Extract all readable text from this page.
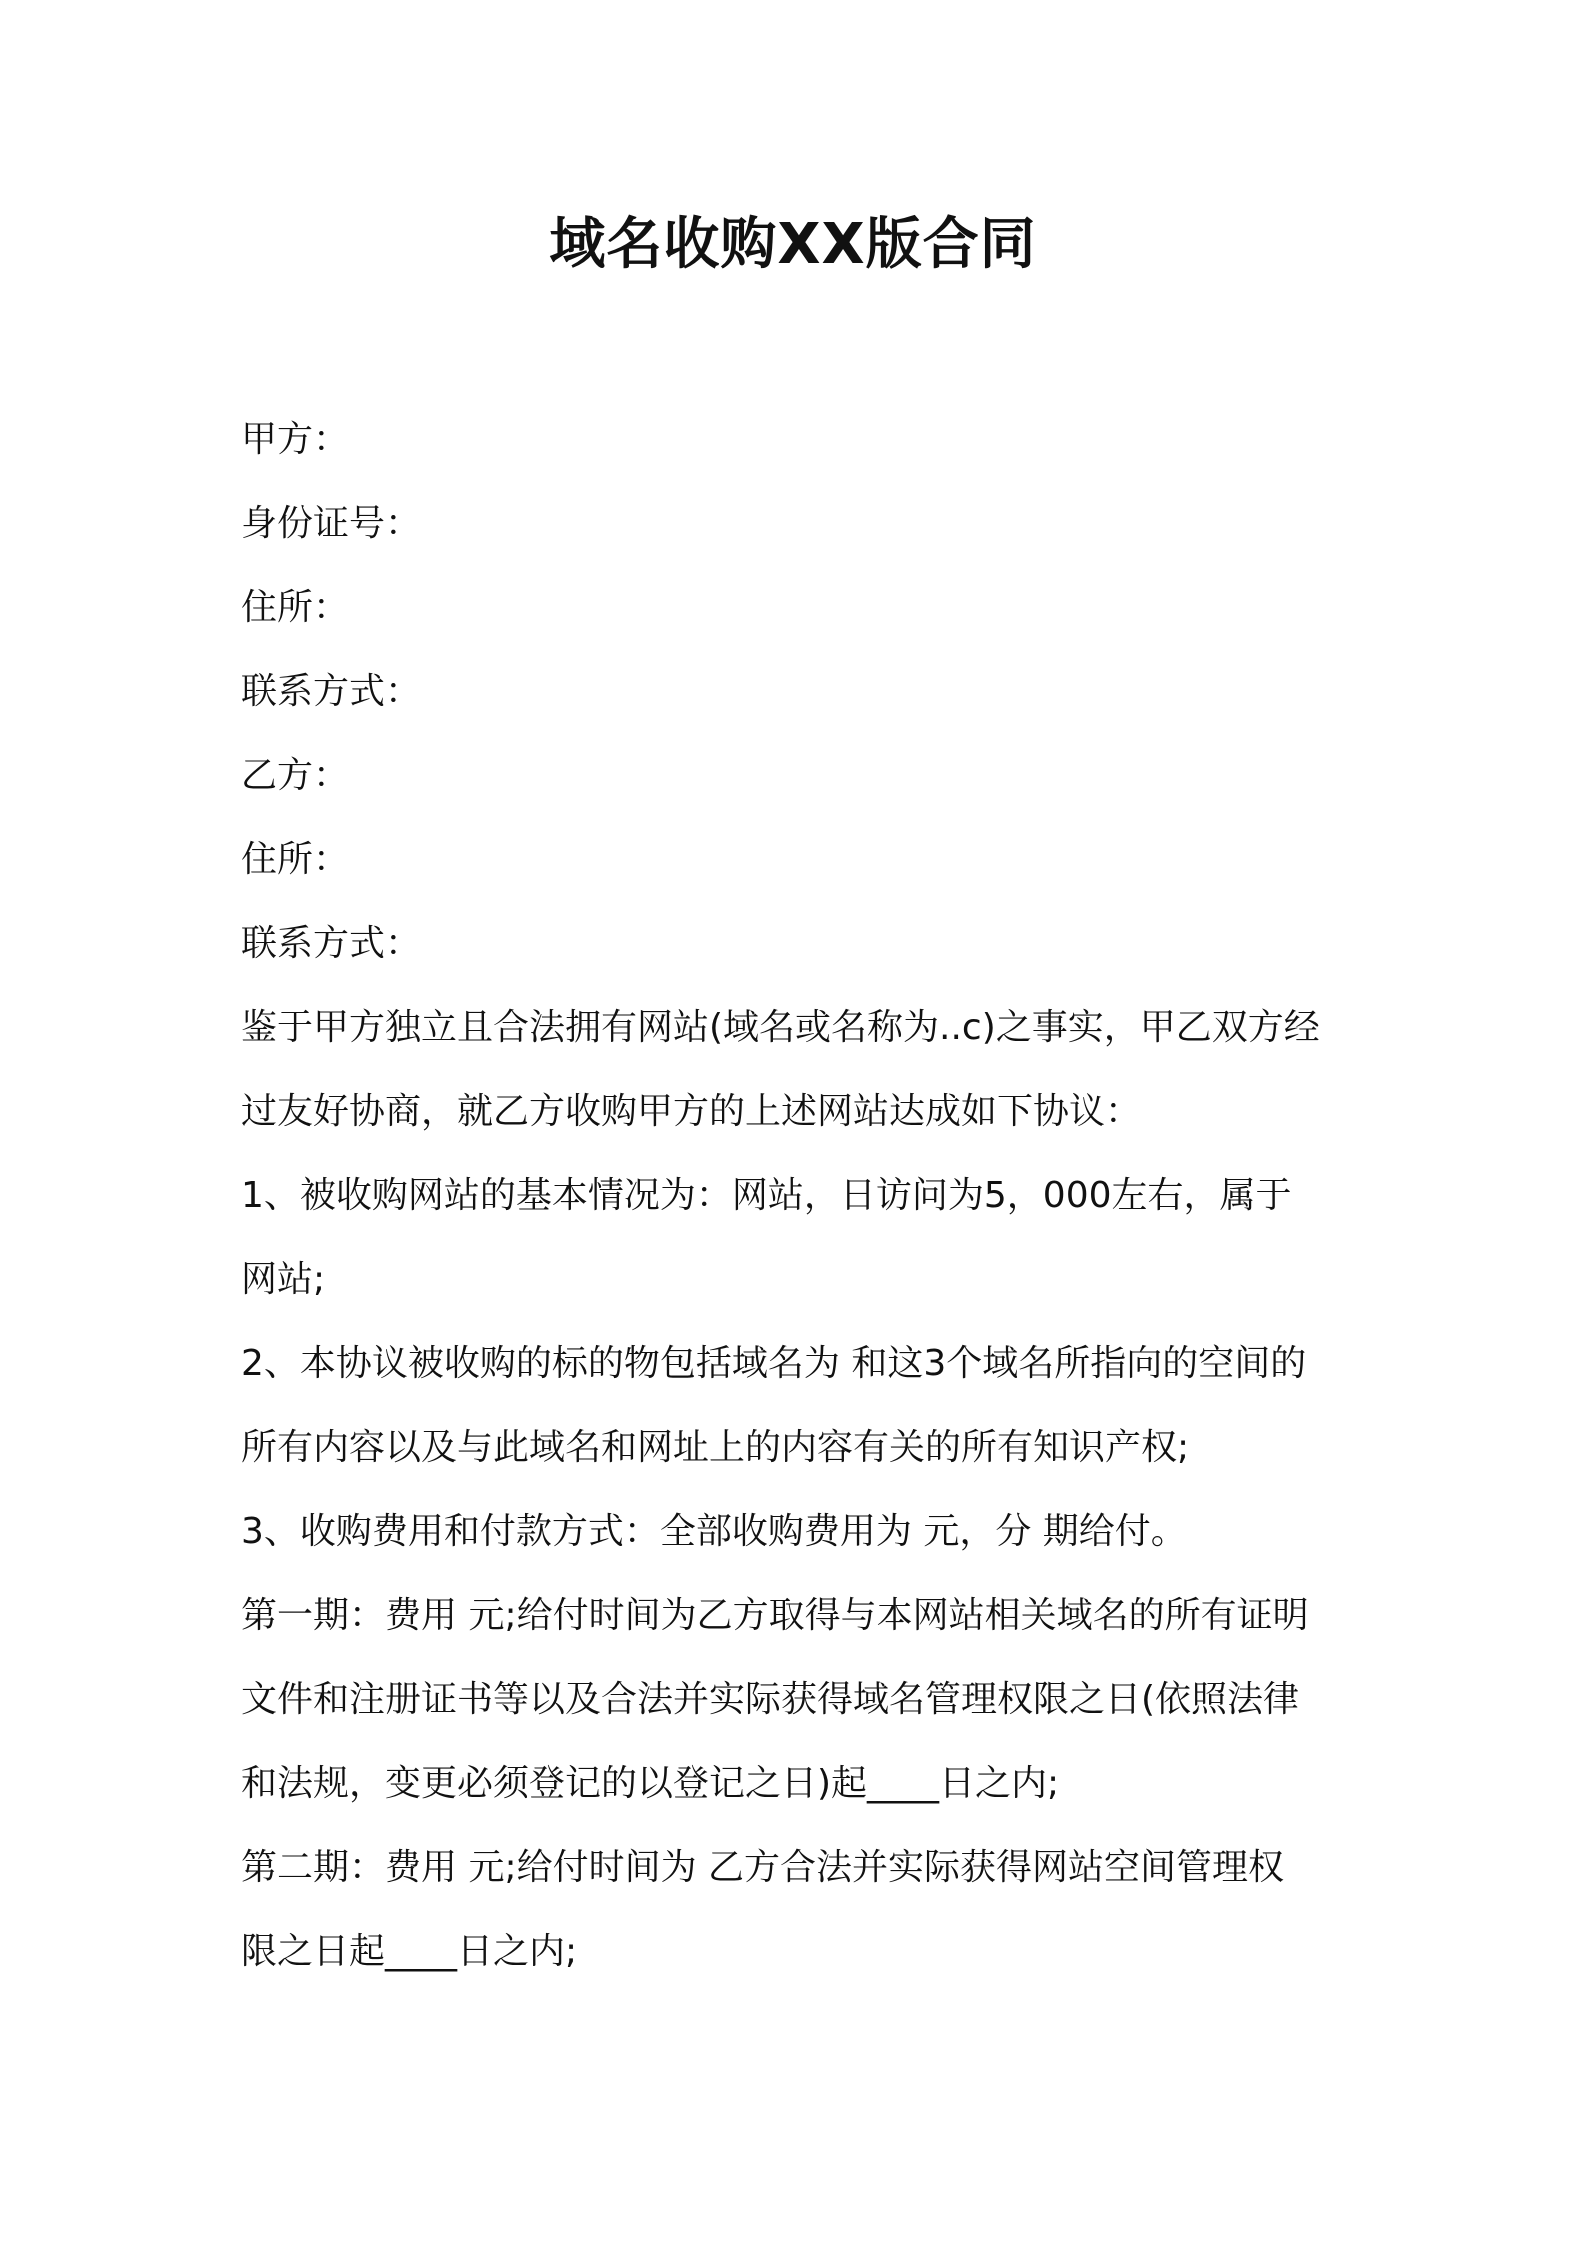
域名收购XX版合同
甲方：
身份证号：
住所：
联系方式：
乙方：
住所：
联系方式：
鉴于甲方独立且合法拥有网站(域名或名称为..c)之事实，甲乙双方经
过友好协商，就乙方收购甲方的上述网站达成如下协议：
1、被收购网站的基本情况为：网站，日访问为5，000左右，属于
网站;
2、本协议被收购的标的物包括域名为 和这3个域名所指向的空间的
所有内容以及与此域名和网址上的内容有关的所有知识产权;
3、收购费用和付款方式：全部收购费用为 元，分 期给付。
第一期：费用 元;给付时间为乙方取得与本网站相关域名的所有证明
文件和注册证书等以及合法并实际获得域名管理权限之日(依照法律
和法规，变更必须登记的以登记之日)起____日之内;
第二期：费用 元;给付时间为 乙方合法并实际获得网站空间管理权
限之日起____日之内;
